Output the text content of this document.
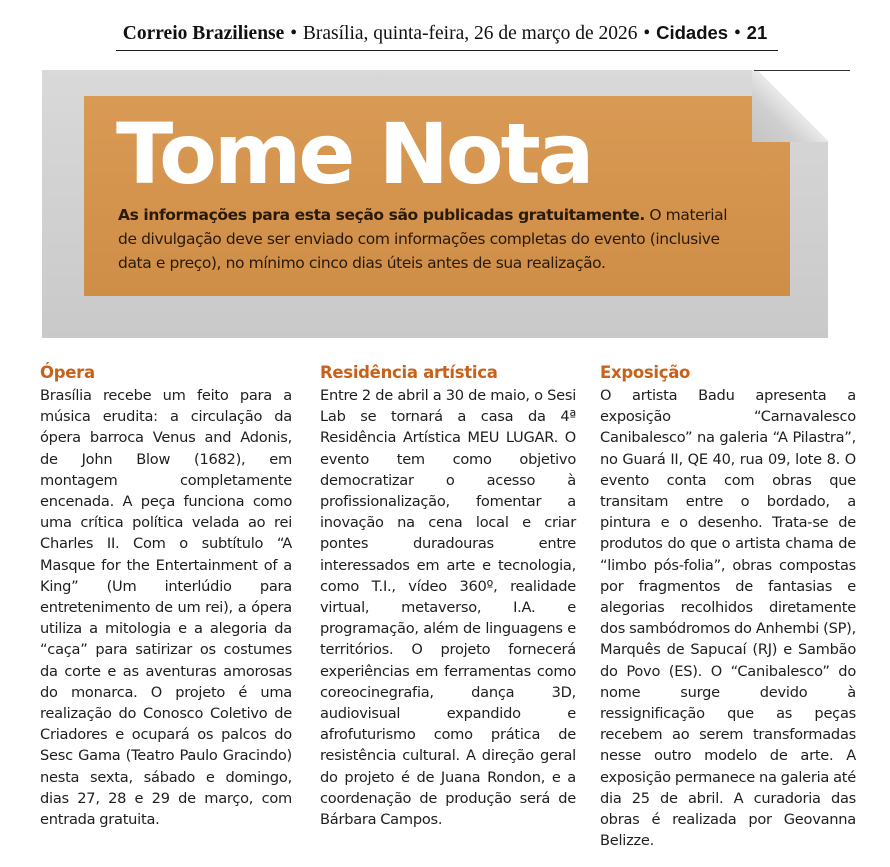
Correio Braziliense • Brasília, quinta-feira, 26 de março de 2026 • Cidades • 21
Tome Nota
As informações para esta seção são publicadas gratuitamente. O material de divulgação deve ser enviado com informações completas do evento (inclusive data e preço), no mínimo cinco dias úteis antes de sua realização.
Ópera

Brasília recebe um feito para a música erudita: a circulação da ópera barroca Venus and Adonis, de John Blow (1682), em montagem completamente encenada. A peça funciona como uma crítica política velada ao rei Charles II. Com o subtítulo “A Masque for the Entertainment of a King” (Um interlúdio para entretenimento de um rei), a ópera utiliza a mitologia e a alegoria da “caça” para satirizar os costumes da corte e as aventuras amorosas do monarca. O projeto é uma realização do Conosco Coletivo de Criadores e ocupará os palcos do Sesc Gama (Teatro Paulo Gracindo) nesta sexta, sábado e domingo, dias 27, 28 e 29 de março, com entrada gratuita.

Residência artística

Entre 2 de abril a 30 de maio, o Sesi Lab se tornará a casa da 4ª Residência Artística MEU LUGAR. O evento tem como objetivo democratizar o acesso à profissionalização, fomentar a inovação na cena local e criar pontes duradouras entre interessados em arte e tecnologia, como T.I., vídeo 360º, realidade virtual, metaverso, I.A. e programação, além de linguagens e territórios. O projeto fornecerá experiências em ferramentas como coreocinegrafia, dança 3D, audiovisual expandido e afrofuturismo como prática de resistência cultural. A direção geral do projeto é de Juana Rondon, e a coordenação de produção será de Bárbara Campos.

Exposição

O artista Badu apresenta a exposição “Carnavalesco Canibalesco” na galeria “A Pilastra”, no Guará II, QE 40, rua 09, lote 8. O evento conta com obras que transitam entre o bordado, a pintura e o desenho. Trata-se de produtos do que o artista chama de “limbo pós-folia”, obras compostas por fragmentos de fantasias e alegorias recolhidos diretamente dos sambódromos do Anhembi (SP), Marquês de Sapucaí (RJ) e Sambão do Povo (ES). O “Canibalesco” do nome surge devido à ressignificação que as peças recebem ao serem transformadas nesse outro modelo de arte. A exposição permanece na galeria até dia 25 de abril. A curadoria das obras é realizada por Geovanna Belizze.
